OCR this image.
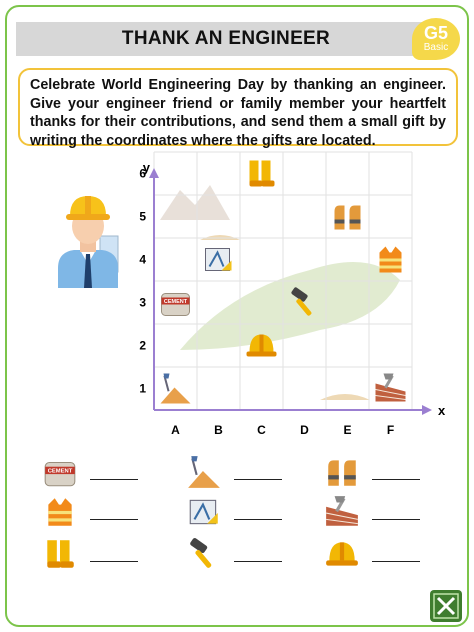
THANK AN ENGINEER	G5
Basic
Celebrate World Engineering Day by thanking an engineer. Give your engineer friend or family member your heartfelt thanks for their contributions, and send them a small gift by writing the coordinates where the gifts are located.
y
x
A	B	C	D	E	F
1
2
3
4
5
6
CEMENT
CEMENT
